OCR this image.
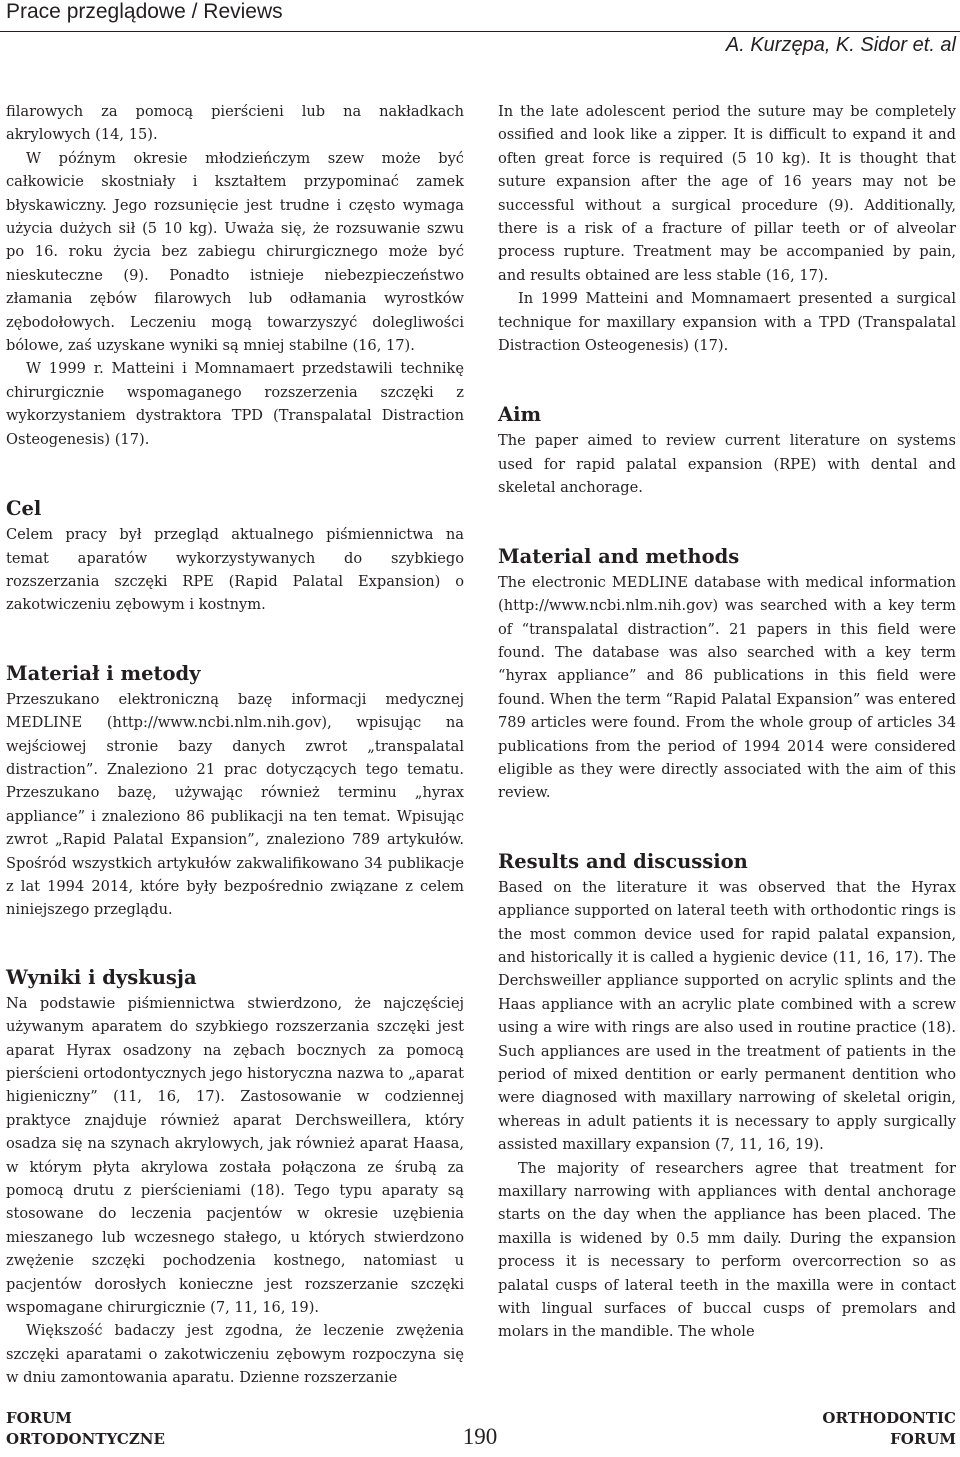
Prace przeglądowe / Reviews
A. Kurzępa, K. Sidor et. al

filarowych za pomocą pierścieni lub na nakładkach akrylowych (14, 15).

W późnym okresie młodzieńczym szew może być całkowicie skostniały i kształtem przypominać zamek błyskawiczny. Jego rozsunięcie jest trudne i często wymaga użycia dużych sił (5 10 kg). Uważa się, że rozsuwanie szwu po 16. roku życia bez zabiegu chirurgicznego może być nieskuteczne (9). Ponadto istnieje niebezpieczeństwo złamania zębów filarowych lub odłamania wyrostków zębodołowych. Leczeniu mogą towarzyszyć dolegliwości bólowe, zaś uzyskane wyniki są mniej stabilne (16, 17).

W 1999 r. Matteini i Momnamaert przedstawili technikę chirurgicznie wspomaganego rozszerzenia szczęki z wykorzystaniem dystraktora TPD (Transpalatal Distraction Osteogenesis) (17).

Cel

Celem pracy był przegląd aktualnego piśmiennictwa na temat aparatów wykorzystywanych do szybkiego rozszerzania szczęki RPE (Rapid Palatal Expansion) o zakotwiczeniu zębowym i kostnym.

Materiał i metody

Przeszukano elektroniczną bazę informacji medycznej MEDLINE (http://www.ncbi.nlm.nih.gov), wpisując na wejściowej stronie bazy danych zwrot „transpalatal distraction”. Znaleziono 21 prac dotyczących tego tematu. Przeszukano bazę, używając również terminu „hyrax appliance” i znaleziono 86 publikacji na ten temat. Wpisując zwrot „Rapid Palatal Expansion”, znaleziono 789 artykułów. Spośród wszystkich artykułów zakwalifikowano 34 publikacje z lat 1994 2014, które były bezpośrednio związane z celem niniejszego przeglądu.

Wyniki i dyskusja

Na podstawie piśmiennictwa stwierdzono, że najczęściej używanym aparatem do szybkiego rozszerzania szczęki jest aparat Hyrax osadzony na zębach bocznych za pomocą pierścieni ortodontycznych jego historyczna nazwa to „aparat higieniczny” (11, 16, 17). Zastosowanie w codziennej praktyce znajduje również aparat Derchsweillera, który osadza się na szynach akrylowych, jak również aparat Haasa, w którym płyta akrylowa została połączona ze śrubą za pomocą drutu z pierścieniami (18). Tego typu aparaty są stosowane do leczenia pacjentów w okresie uzębienia mieszanego lub wczesnego stałego, u których stwierdzono zwężenie szczęki pochodzenia kostnego, natomiast u pacjentów dorosłych konieczne jest rozszerzanie szczęki wspomagane chirurgicznie (7, 11, 16, 19).

Większość badaczy jest zgodna, że leczenie zwężenia szczęki aparatami o zakotwiczeniu zębowym rozpoczyna się w dniu zamontowania aparatu. Dzienne rozszerzanie

In the late adolescent period the suture may be completely ossified and look like a zipper. It is difficult to expand it and often great force is required (5 10 kg). It is thought that suture expansion after the age of 16 years may not be successful without a surgical procedure (9). Additionally, there is a risk of a fracture of pillar teeth or of alveolar process rupture. Treatment may be accompanied by pain, and results obtained are less stable (16, 17).

In 1999 Matteini and Momnamaert presented a surgical technique for maxillary expansion with a TPD (Transpalatal Distraction Osteogenesis) (17).

Aim

The paper aimed to review current literature on systems used for rapid palatal expansion (RPE) with dental and skeletal anchorage.

Material and methods

The electronic MEDLINE database with medical information (http://www.ncbi.nlm.nih.gov) was searched with a key term of “transpalatal distraction”. 21 papers in this field were found. The database was also searched with a key term “hyrax appliance” and 86 publications in this field were found. When the term “Rapid Palatal Expansion” was entered 789 articles were found. From the whole group of articles 34 publications from the period of 1994 2014 were considered eligible as they were directly associated with the aim of this review.

Results and discussion

Based on the literature it was observed that the Hyrax appliance supported on lateral teeth with orthodontic rings is the most common device used for rapid palatal expansion, and historically it is called a hygienic device (11, 16, 17). The Derchsweiller appliance supported on acrylic splints and the Haas appliance with an acrylic plate combined with a screw using a wire with rings are also used in routine practice (18). Such appliances are used in the treatment of patients in the period of mixed dentition or early permanent dentition who were diagnosed with maxillary narrowing of skeletal origin, whereas in adult patients it is necessary to apply surgically assisted maxillary expansion (7, 11, 16, 19).

The majority of researchers agree that treatment for maxillary narrowing with appliances with dental anchorage starts on the day when the appliance has been placed. The maxilla is widened by 0.5 mm daily. During the expansion process it is necessary to perform overcorrection so as palatal cusps of lateral teeth in the maxilla were in contact with lingual surfaces of buccal cusps of premolars and molars in the mandible. The whole

FORUM
ORTODONTYCZNE	190
ORTHODONTIC
FORUM
